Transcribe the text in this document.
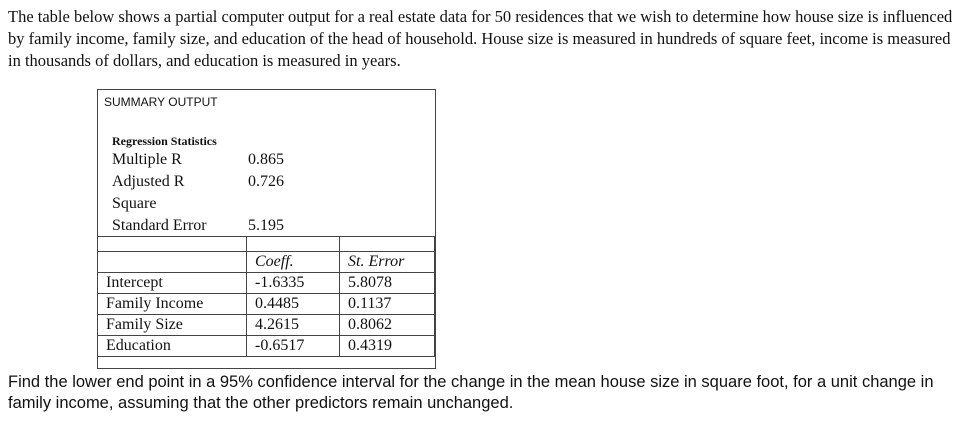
The table below shows a partial computer output for a real estate data for 50 residences that we wish to determine how house size is influenced by family income, family size, and education of the head of household. House size is measured in hundreds of square feet, income is measured in thousands of dollars, and education is measured in years.
SUMMARY OUTPUT
Regression Statistics
Multiple R	0.865
Adjusted R	0.726
Square
Standard Error	5.195

	Coeff.	St. Error
Intercept	-1.6335	5.8078
Family Income	0.4485	0.1137
Family Size	4.2615	0.8062
Education	-0.6517	0.4319
Find the lower end point in a 95% confidence interval for the change in the mean house size in square foot, for a unit change in family income, assuming that the other predictors remain unchanged.
